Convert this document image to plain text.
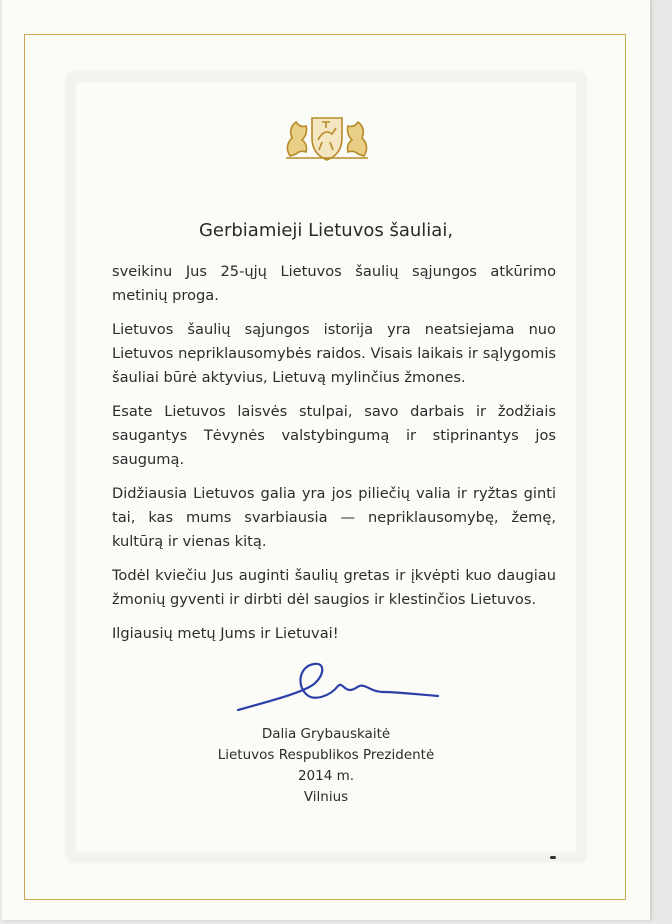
Gerbiamieji Lietuvos šauliai,

sveikinu Jus 25-ųjų Lietuvos šaulių sąjungos atkūrimo metinių proga.

Lietuvos šaulių sąjungos istorija yra neatsiejama nuo Lietuvos nepriklausomybės raidos. Visais laikais ir sąlygomis šauliai būrė aktyvius, Lietuvą mylinčius žmones.

Esate Lietuvos laisvės stulpai, savo darbais ir žodžiais saugantys Tėvynės valstybingumą ir stiprinantys jos saugumą.

Didžiausia Lietuvos galia yra jos piliečių valia ir ryžtas ginti tai, kas mums svarbiausia — nepriklausomybę, žemę, kultūrą ir vienas kitą.

Todėl kviečiu Jus auginti šaulių gretas ir įkvėpti kuo daugiau žmonių gyventi ir dirbti dėl saugios ir klestinčios Lietuvos.

Ilgiausių metų Jums ir Lietuvai!

Dalia Grybauskaitė
Lietuvos Respublikos Prezidentė
2014 m.
Vilnius
